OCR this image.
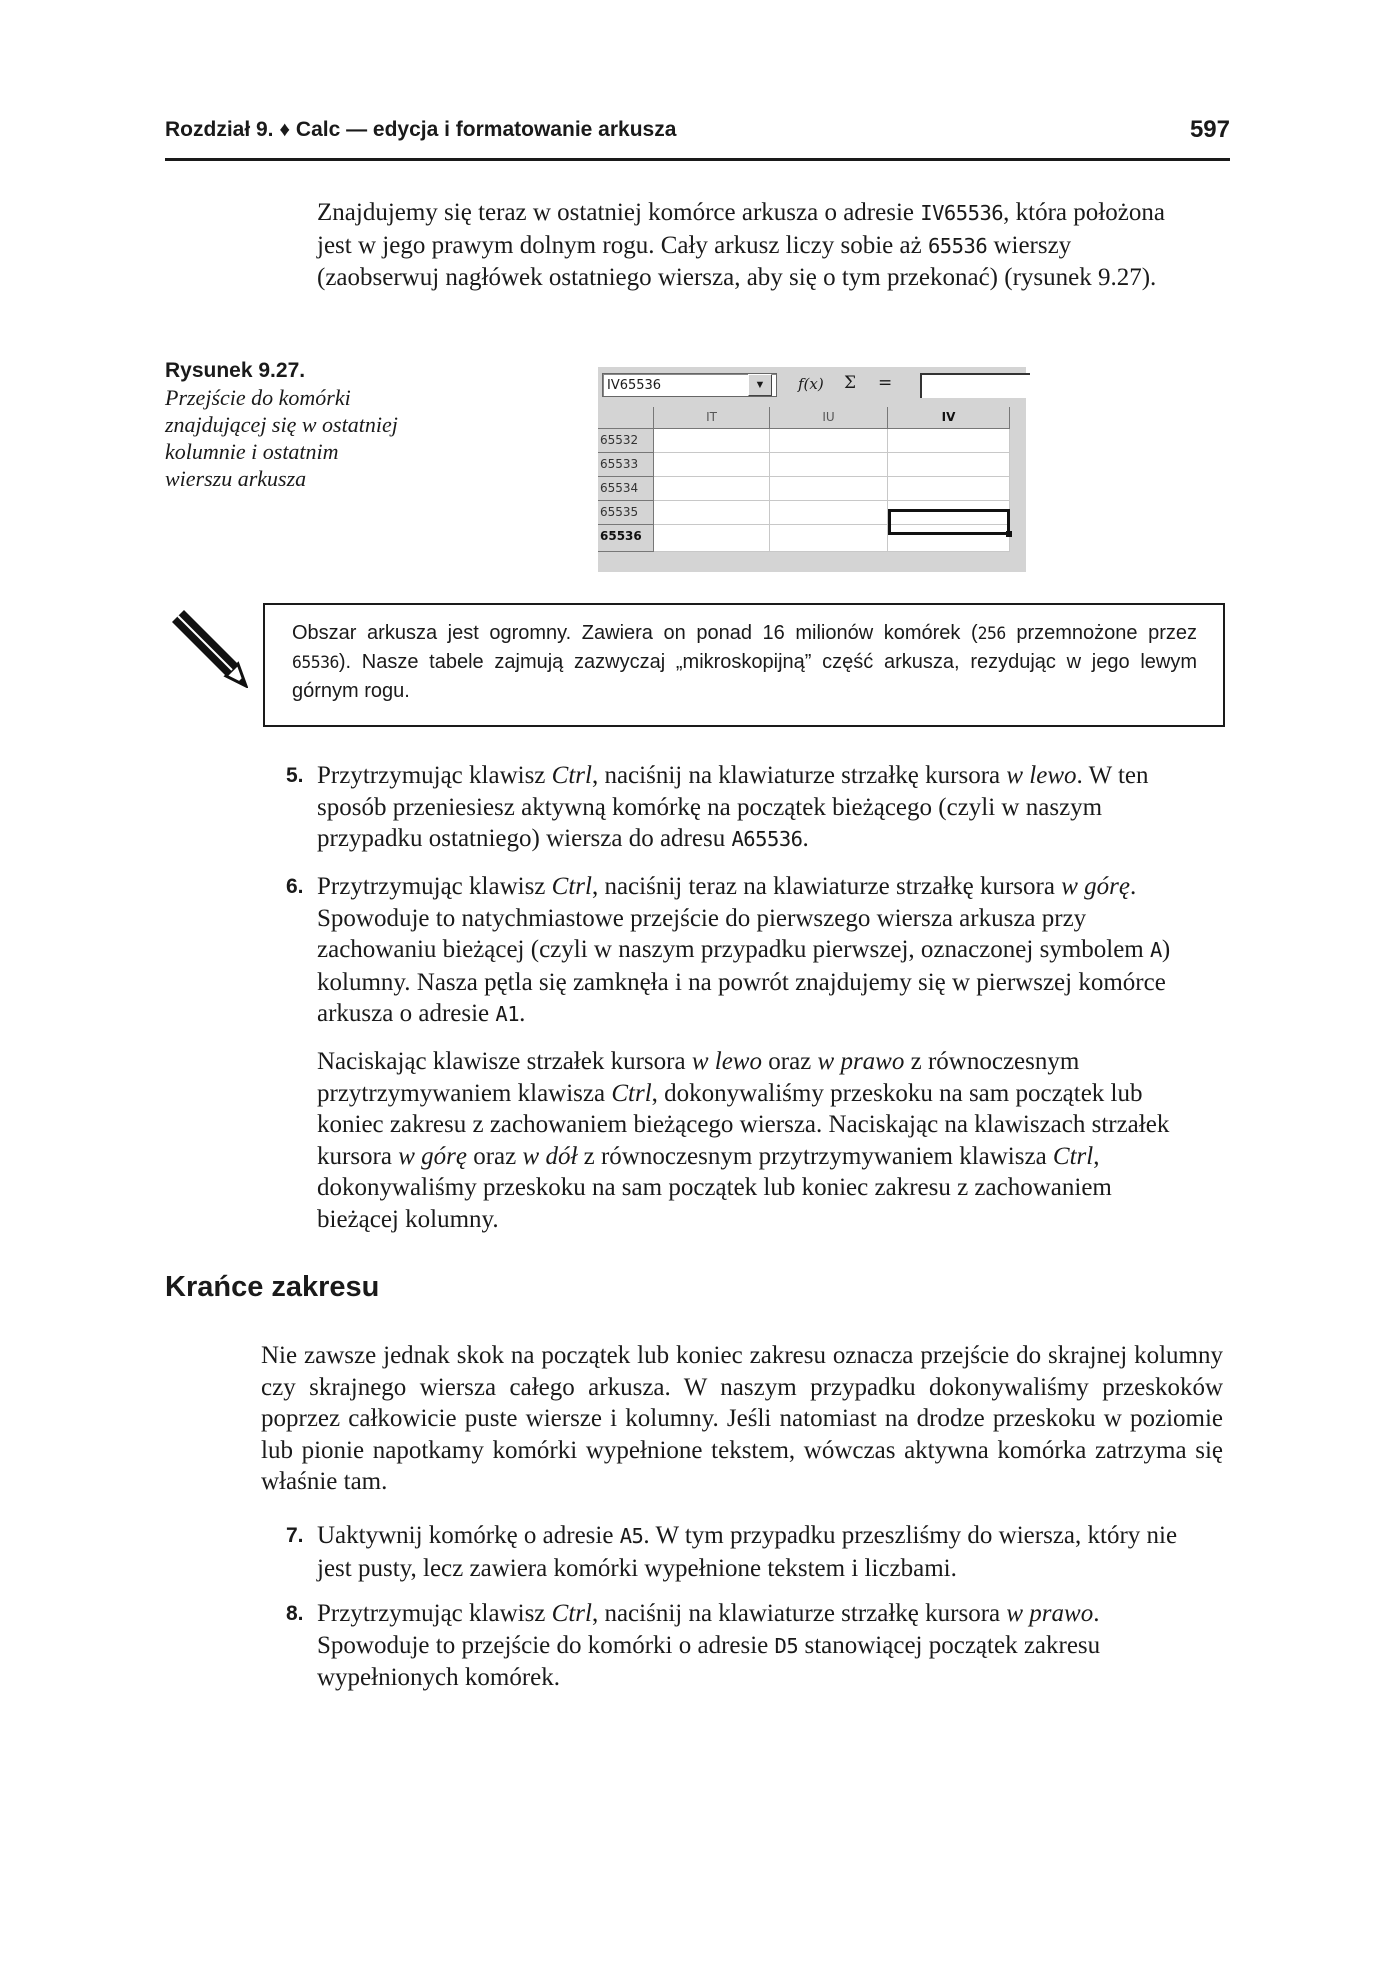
Rozdział 9. ♦ Calc — edycja i formatowanie arkusza	597
Znajdujemy się teraz w ostatniej komórce arkusza o adresie IV65536, która położona jest w jego prawym dolnym rogu. Cały arkusz liczy sobie aż 65536 wierszy (zaobserwuj nagłówek ostatniego wiersza, aby się o tym przekonać) (rysunek 9.27).
Rysunek 9.27.
Przejście do komórki znajdującej się w ostatniej kolumnie i ostatnim wierszu arkusza
IV65536	▼	f(x) Σ =
IT	IU	IV
65532
65533
65534
65535
65536
Obszar arkusza jest ogromny. Zawiera on ponad 16 milionów komórek (256 przemnożone przez 65536). Nasze tabele zajmują zazwyczaj „mikroskopijną” część arkusza, rezydując w jego lewym górnym rogu.
5. Przytrzymując klawisz Ctrl, naciśnij na klawiaturze strzałkę kursora w lewo. W ten sposób przeniesiesz aktywną komórkę na początek bieżącego (czyli w naszym przypadku ostatniego) wiersza do adresu A65536.
6. Przytrzymując klawisz Ctrl, naciśnij teraz na klawiaturze strzałkę kursora w górę. Spowoduje to natychmiastowe przejście do pierwszego wiersza arkusza przy zachowaniu bieżącej (czyli w naszym przypadku pierwszej, oznaczonej symbolem A) kolumny. Nasza pętla się zamknęła i na powrót znajdujemy się w pierwszej komórce arkusza o adresie A1.
Naciskając klawisze strzałek kursora w lewo oraz w prawo z równoczesnym przytrzymywaniem klawisza Ctrl, dokonywaliśmy przeskoku na sam początek lub koniec zakresu z zachowaniem bieżącego wiersza. Naciskając na klawiszach strzałek kursora w górę oraz w dół z równoczesnym przytrzymywaniem klawisza Ctrl, dokonywaliśmy przeskoku na sam początek lub koniec zakresu z zachowaniem bieżącej kolumny.
Krańce zakresu
Nie zawsze jednak skok na początek lub koniec zakresu oznacza przejście do skrajnej kolumny czy skrajnego wiersza całego arkusza. W naszym przypadku dokonywaliśmy przeskoków poprzez całkowicie puste wiersze i kolumny. Jeśli natomiast na drodze przeskoku w poziomie lub pionie napotkamy komórki wypełnione tekstem, wówczas aktywna komórka zatrzyma się właśnie tam.
7. Uaktywnij komórkę o adresie A5. W tym przypadku przeszliśmy do wiersza, który nie jest pusty, lecz zawiera komórki wypełnione tekstem i liczbami.
8. Przytrzymując klawisz Ctrl, naciśnij na klawiaturze strzałkę kursora w prawo. Spowoduje to przejście do komórki o adresie D5 stanowiącej początek zakresu wypełnionych komórek.
